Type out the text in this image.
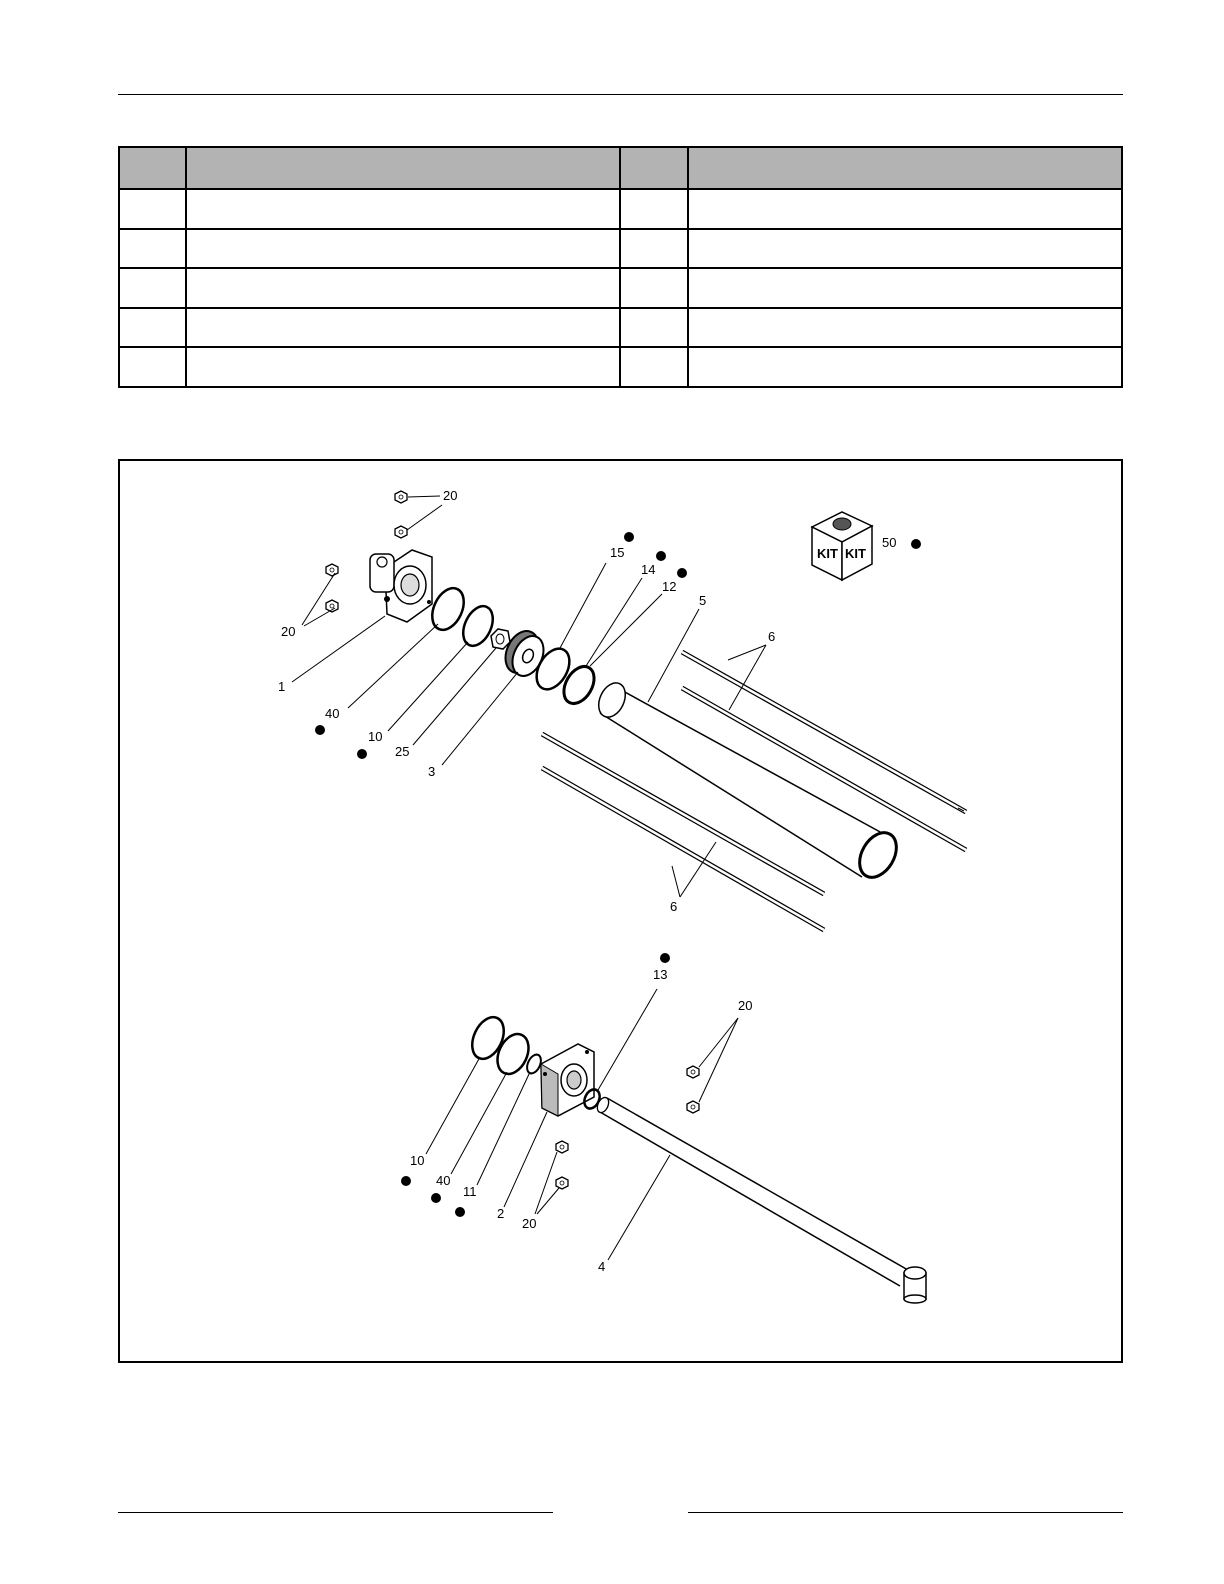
KIT KIT
20
20
1
40
10
25
3
15
14
12
5
6
6
50
13
20
10
40
11
2
20
4
